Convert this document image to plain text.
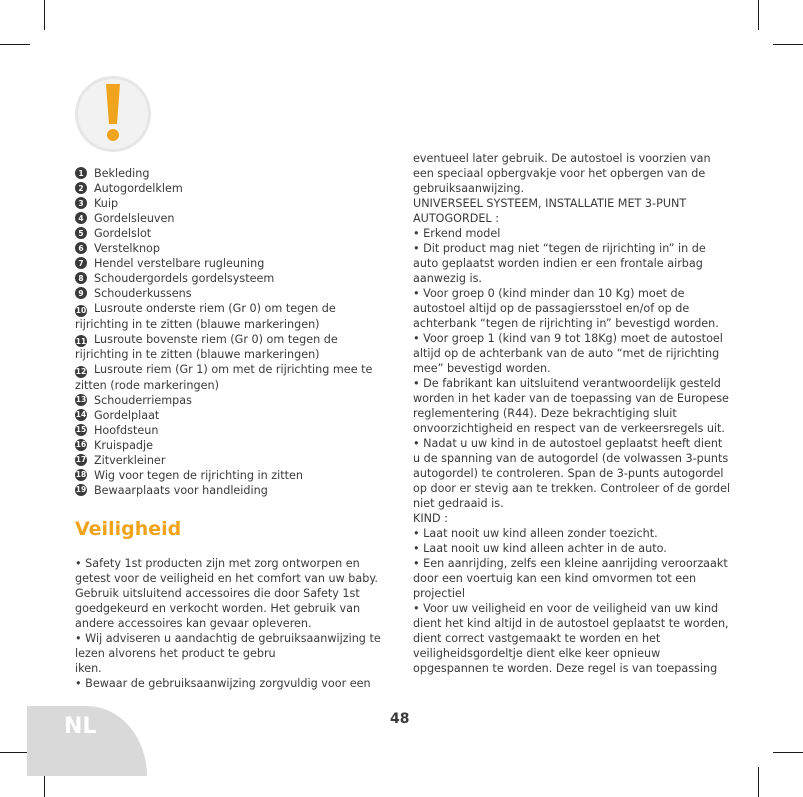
1 Bekleding
2 Autogordelklem
3 Kuip
4 Gordelsleuven
5 Gordelslot
6 Verstelknop
7 Hendel verstelbare rugleuning
8 Schoudergordels gordelsysteem
9 Schouderkussens
10 Lusroute onderste riem (Gr 0) om tegen de rijrichting in te zitten (blauwe markeringen)
11 Lusroute bovenste riem (Gr 0) om tegen de rijrichting in te zitten (blauwe markeringen)
12 Lusroute riem (Gr 1) om met de rijrichting mee te zitten (rode markeringen)
13 Schouderriempas
14 Gordelplaat
15 Hoofdsteun
16 Kruispadje
17 Zitverkleiner
18 Wig voor tegen de rijrichting in zitten
19 Bewaarplaats voor handleiding
Veiligheid

• Safety 1st producten zijn met zorg ontworpen en getest voor de veiligheid en het comfort van uw baby. Gebruik uitsluitend accessoires die door Safety 1st goedgekeurd en verkocht worden. Het gebruik van andere accessoires kan gevaar opleveren.

• Wij adviseren u aandachtig de gebruiksaanwijzing te lezen alvorens het product te gebru
iken.

• Bewaar de gebruiksaanwijzing zorgvuldig voor een

eventueel later gebruik. De autostoel is voorzien van een speciaal opbergvakje voor het opbergen van de gebruiksaanwijzing.

UNIVERSEEL SYSTEEM, INSTALLATIE MET 3-PUNT AUTOGORDEL :

• Erkend model

• Dit product mag niet “tegen de rijrichting in” in de auto geplaatst worden indien er een frontale airbag aanwezig is.

• Voor groep 0 (kind minder dan 10 Kg) moet de autostoel altijd op de passagiersstoel en/of op de achterbank “tegen de rijrichting in” bevestigd worden.

• Voor groep 1 (kind van 9 tot 18Kg) moet de autostoel altijd op de achterbank van de auto “met de rijrichting mee” bevestigd worden.

• De fabrikant kan uitsluitend verantwoordelijk gesteld worden in het kader van de toepassing van de Europese reglementering (R44). Deze bekrachtiging sluit onvoorzichtigheid en respect van de verkeersregels uit.

• Nadat u uw kind in de autostoel geplaatst heeft dient u de spanning van de autogordel (de volwassen 3-punts autogordel) te controleren. Span de 3-punts autogordel op door er stevig aan te trekken. Controleer of de gordel niet gedraaid is.

KIND :

• Laat nooit uw kind alleen zonder toezicht.

• Laat nooit uw kind alleen achter in de auto.

• Een aanrijding, zelfs een kleine aanrijding veroorzaakt door een voertuig kan een kind omvormen tot een projectiel

• Voor uw veiligheid en voor de veiligheid van uw kind dient het kind altijd in de autostoel geplaatst te worden, dient correct vastgemaakt te worden en het veiligheidsgordeltje dient elke keer opnieuw opgespannen te worden. Deze regel is van toepassing

48
NL
